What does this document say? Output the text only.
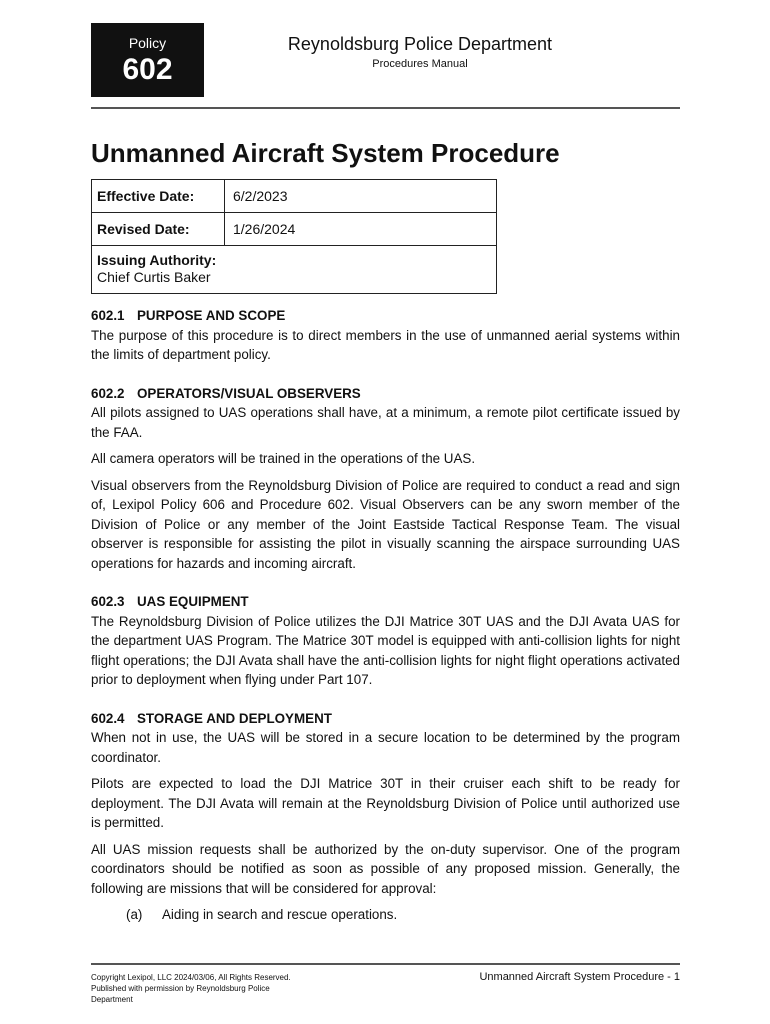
Policy
602
Reynoldsburg Police Department
Procedures Manual
Unmanned Aircraft System Procedure
Effective Date:	6/2/2023
Revised Date:	1/26/2024
Issuing Authority:
Chief Curtis Baker

602.1 PURPOSE AND SCOPE

The purpose of this procedure is to direct members in the use of unmanned aerial systems within the limits of department policy.

602.2 OPERATORS/VISUAL OBSERVERS

All pilots assigned to UAS operations shall have, at a minimum, a remote pilot certificate issued by the FAA.

All camera operators will be trained in the operations of the UAS.

Visual observers from the Reynoldsburg Division of Police are required to conduct a read and sign of, Lexipol Policy 606 and Procedure 602. Visual Observers can be any sworn member of the Division of Police or any member of the Joint Eastside Tactical Response Team. The visual observer is responsible for assisting the pilot in visually scanning the airspace surrounding UAS operations for hazards and incoming aircraft.

602.3 UAS EQUIPMENT

The Reynoldsburg Division of Police utilizes the DJI Matrice 30T UAS and the DJI Avata UAS for the department UAS Program. The Matrice 30T model is equipped with anti-collision lights for night flight operations; the DJI Avata shall have the anti-collision lights for night flight operations activated prior to deployment when flying under Part 107.

602.4 STORAGE AND DEPLOYMENT

When not in use, the UAS will be stored in a secure location to be determined by the program coordinator.

Pilots are expected to load the DJI Matrice 30T in their cruiser each shift to be ready for deployment. The DJI Avata will remain at the Reynoldsburg Division of Police until authorized use is permitted.

All UAS mission requests shall be authorized by the on-duty supervisor. One of the program coordinators should be notified as soon as possible of any proposed mission. Generally, the following are missions that will be considered for approval:

(a) Aiding in search and rescue operations.

Copyright Lexipol, LLC 2024/03/06, All Rights Reserved.
Published with permission by Reynoldsburg Police
Department
Unmanned Aircraft System Procedure - 1
